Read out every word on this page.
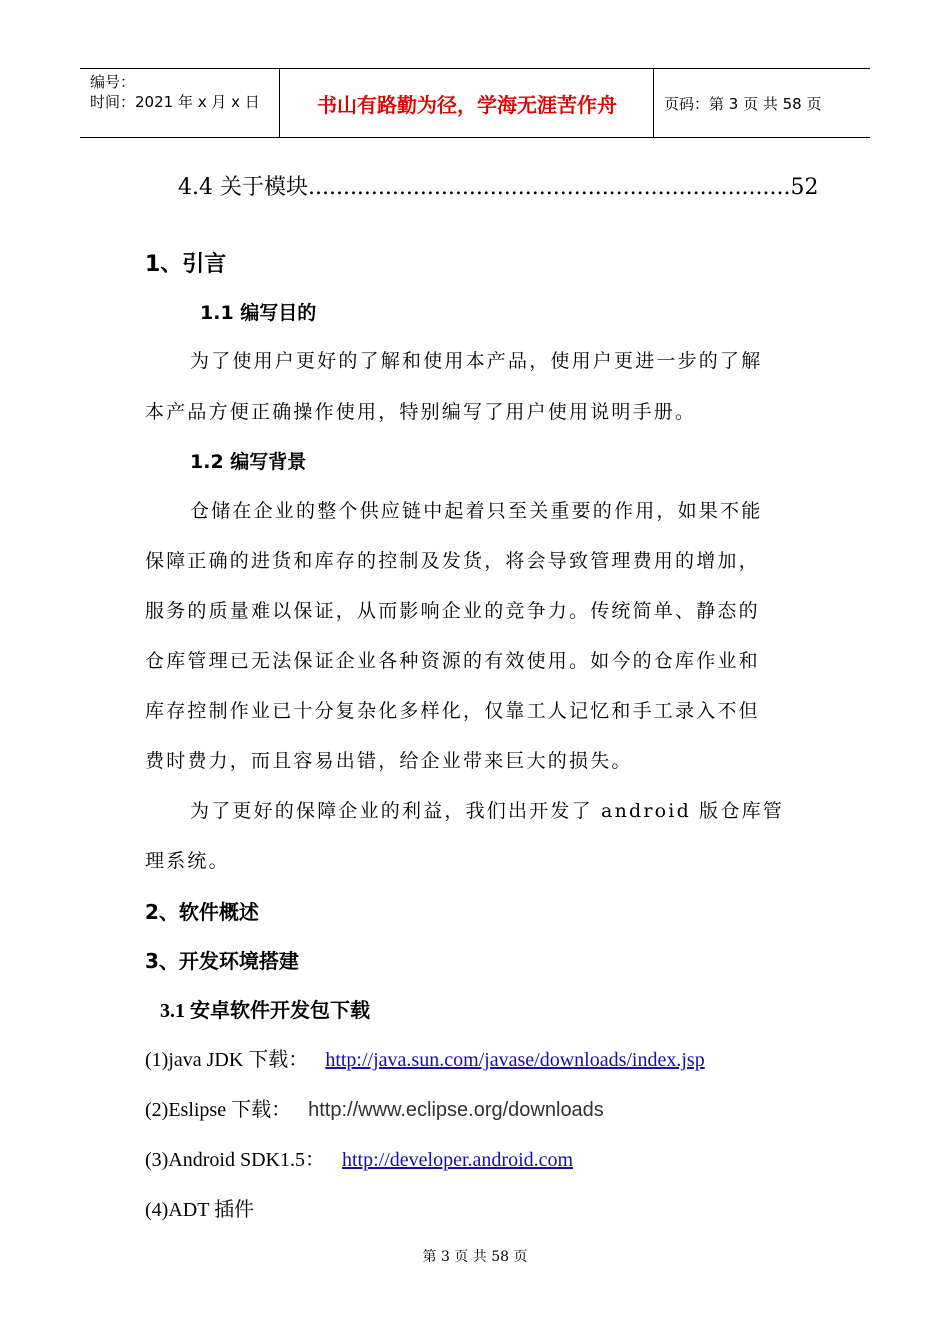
编号：
时间：2021 年 x 月 x 日	书山有路勤为径，学海无涯苦作舟	页码：第 3 页 共 58 页
4.4 关于模块.....................................................................52
1、引言
1.1 编写目的
为了使用户更好的了解和使用本产品，使用户更进一步的了解
本产品方便正确操作使用，特别编写了用户使用说明手册。
1.2 编写背景
仓储在企业的整个供应链中起着只至关重要的作用，如果不能
保障正确的进货和库存的控制及发货，将会导致管理费用的增加，
服务的质量难以保证，从而影响企业的竞争力。传统简单、静态的
仓库管理已无法保证企业各种资源的有效使用。如今的仓库作业和
库存控制作业已十分复杂化多样化，仅靠工人记忆和手工录入不但
费时费力，而且容易出错，给企业带来巨大的损失。
为了更好的保障企业的利益，我们出开发了 android 版仓库管
理系统。
2、软件概述
3、开发环境搭建
3.1 安卓软件开发包下载
(1)java JDK 下载： http://java.sun.com/javase/downloads/index.jsp
(2)Eslipse 下载： http://www.eclipse.org/downloads
(3)Android SDK1.5： http://developer.android.com
(4)ADT 插件
第 3 页 共 58 页
